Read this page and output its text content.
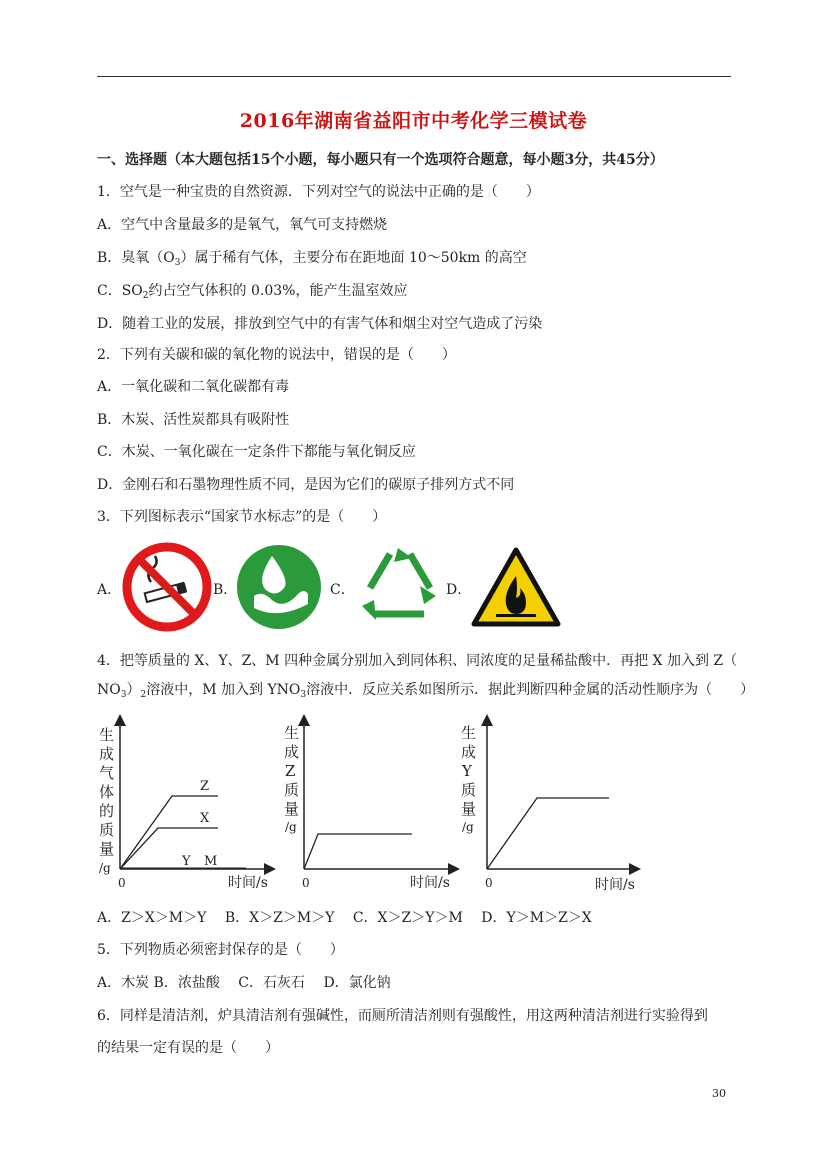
2016年湖南省益阳市中考化学三模试卷
一、选择题（本大题包括15个小题，每小题只有一个选项符合题意，每小题3分，共45分）
1．空气是一种宝贵的自然资源．下列对空气的说法中正确的是（　　）
A．空气中含量最多的是氧气，氧气可支持燃烧
B．臭氧$(O_3)$属于稀有气体，主要分布在距地面 10～50km 的高空
C．$SO_2$约占空气体积的 0.03%，能产生温室效应
D．随着工业的发展，排放到空气中的有害气体和烟尘对空气造成了污染
2．下列有关碳和碳的氧化物的说法中，错误的是（　　）
A．一氧化碳和二氧化碳都有毒
B．木炭、活性炭都具有吸附性
C．木炭、一氧化碳在一定条件下都能与氧化铜反应
D．金刚石和石墨物理性质不同，是因为它们的碳原子排列方式不同
3．下列图标表示“国家节水标志”的是（　　）
A．	B．	C．	D．
4．把等质量的 X、Y、Z、M 四种金属分别加入到同体积、同浓度的足量稀盐酸中．再把 X 加入到 Z（
$NO_3)_2$溶液中，M 加入到 $YNO_3$溶液中．反应关系如图所示．据此判断四种金属的活动性顺序为（　　）
生
成
气
体
的
质
量
/g
0	时间/s
Z
X
Y M
生
成
Z
质
量
/g
0	时间/s
生
成
Y
质
量
/g
0	时间/s
A．Z＞X＞M＞Y　 B．X＞Z＞M＞Y　 C．X＞Z＞Y＞M　 D．Y＞M＞Z＞X
5．下列物质必须密封保存的是（　　）
A．木炭 B．浓盐酸　 C．石灰石　 D．氯化钠
6．同样是清洁剂，炉具清洁剂有强碱性，而厕所清洁剂则有强酸性，用这两种清洁剂进行实验得到
的结果一定有误的是（　　）
30
